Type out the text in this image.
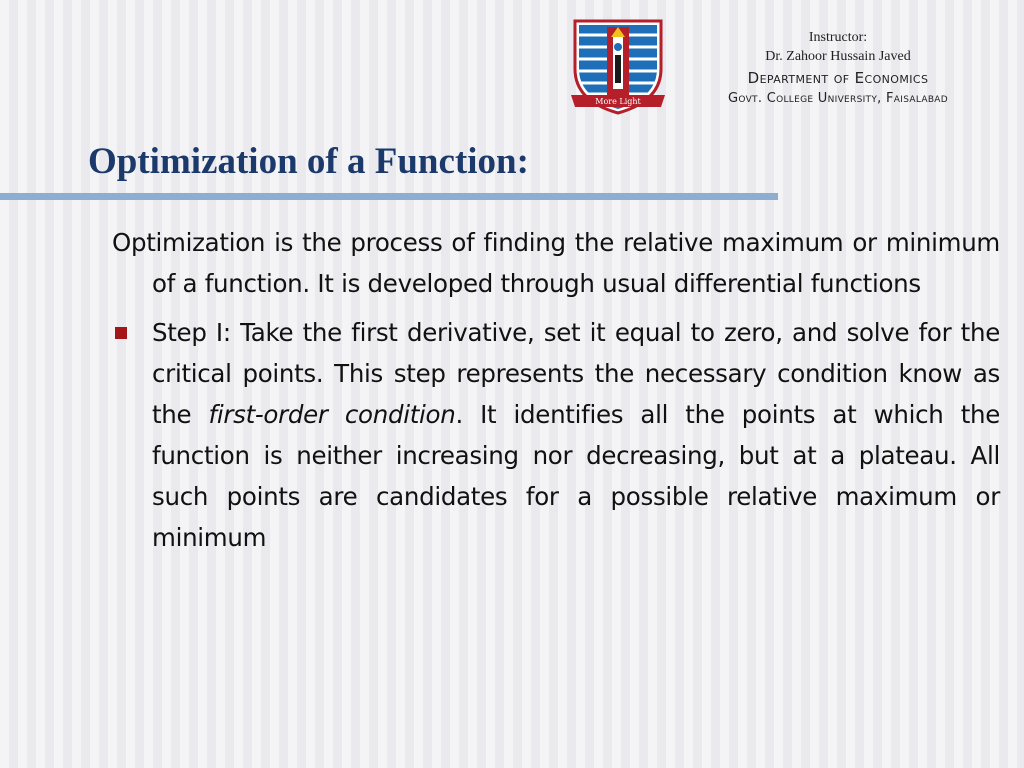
More Light
Instructor:
Dr. Zahoor Hussain Javed
Department of Economics
Govt. College University, Faisalabad
Optimization of a Function:

Optimization is the process of finding the relative maximum or minimum of a function. It is developed through usual differential functions

Step I: Take the first derivative, set it equal to zero, and solve for the critical points. This step represents the necessary condition know as the first-order condition. It identifies all the points at which the function is neither increasing nor decreasing, but at a plateau. All such points are candidates for a possible relative maximum or minimum
